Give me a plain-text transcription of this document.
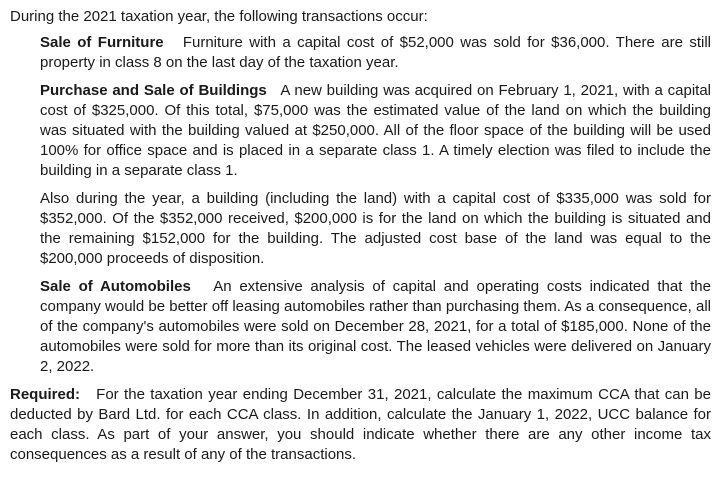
During the 2021 taxation year, the following transactions occur:

Sale of Furniture Furniture with a capital cost of $52,000 was sold for $36,000. There are still property in class 8 on the last day of the taxation year.

Purchase and Sale of Buildings A new building was acquired on February 1, 2021, with a capital cost of $325,000. Of this total, $75,000 was the estimated value of the land on which the building was situated with the building valued at $250,000. All of the floor space of the building will be used 100% for office space and is placed in a separate class 1. A timely election was filed to include the building in a separate class 1.

Also during the year, a building (including the land) with a capital cost of $335,000 was sold for $352,000. Of the $352,000 received, $200,000 is for the land on which the building is situated and the remaining $152,000 for the building. The adjusted cost base of the land was equal to the $200,000 proceeds of disposition.

Sale of Automobiles An extensive analysis of capital and operating costs indicated that the company would be better off leasing automobiles rather than purchasing them. As a consequence, all of the company's automobiles were sold on December 28, 2021, for a total of $185,000. None of the automobiles were sold for more than its original cost. The leased vehicles were delivered on January 2, 2022.

Required: For the taxation year ending December 31, 2021, calculate the maximum CCA that can be deducted by Bard Ltd. for each CCA class. In addition, calculate the January 1, 2022, UCC balance for each class. As part of your answer, you should indicate whether there are any other income tax consequences as a result of any of the transactions.
